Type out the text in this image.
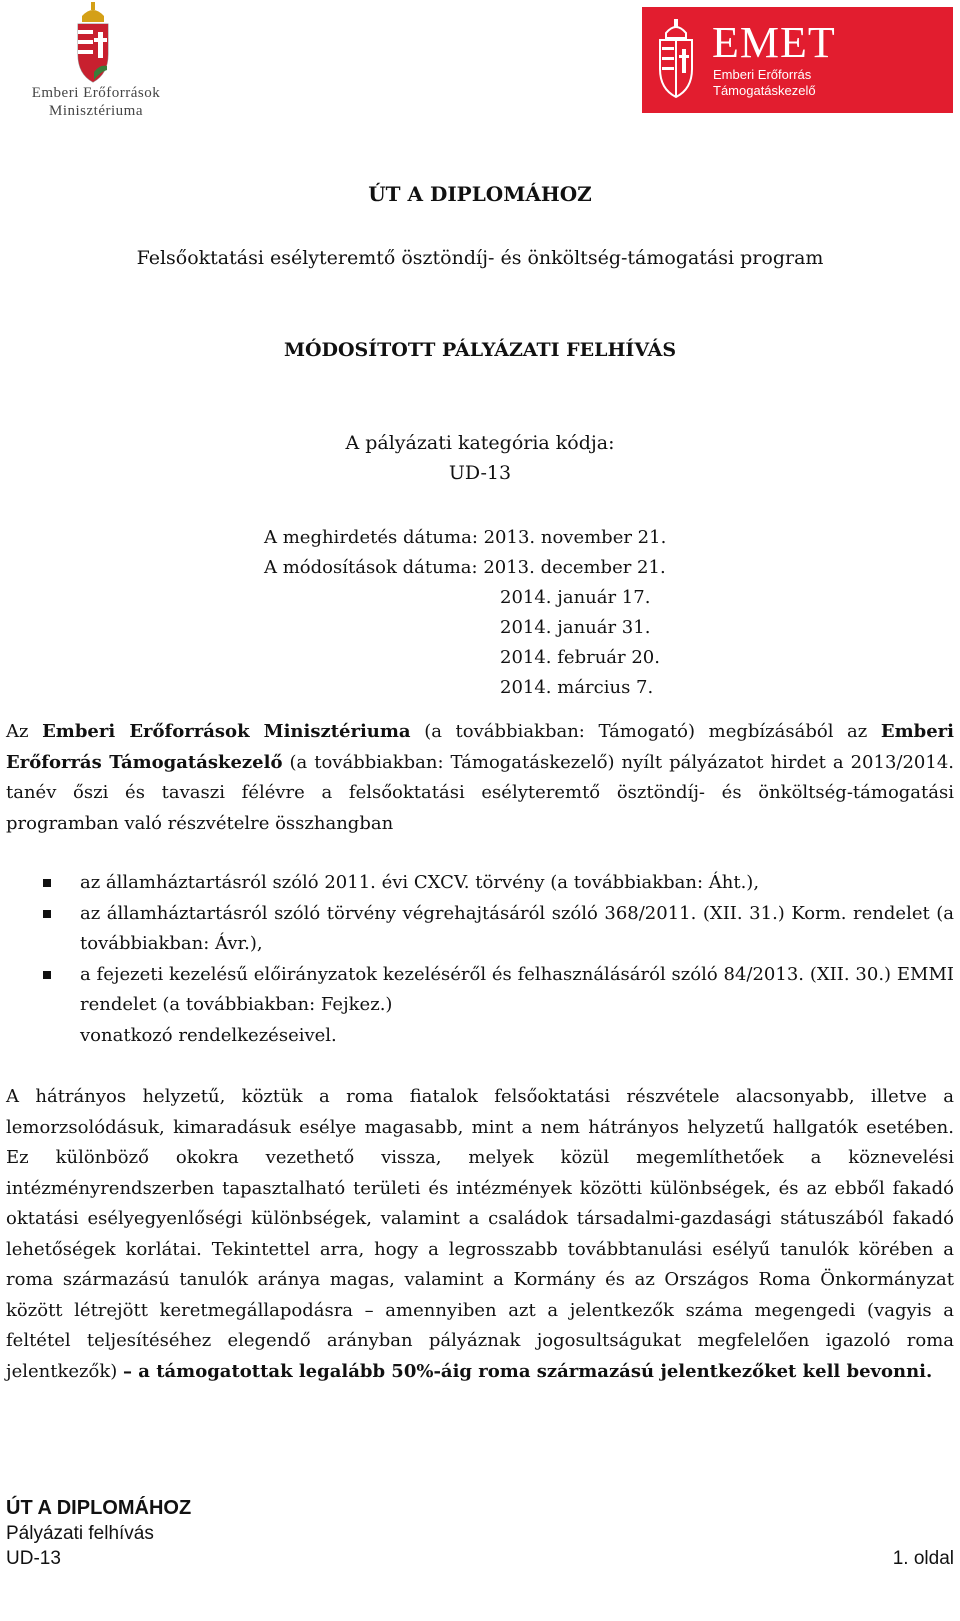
Emberi Erőforrások
Minisztériuma
EMET
Emberi Erőforrás
Támogatáskezelő
ÚT A DIPLOMÁHOZ
Felsőoktatási esélyteremtő ösztöndíj- és önköltség-támogatási program
MÓDOSÍTOTT PÁLYÁZATI FELHÍVÁS
A pályázati kategória kódja:
UD-13
A meghirdetés dátuma: 2013. november 21.
A módosítások dátuma: 2013. december 21.
2014. január 17.
2014. január 31.
2014. február 20.
2014. március 7.
Az Emberi Erőforrások Minisztériuma (a továbbiakban: Támogató) megbízásából az Emberi Erőforrás Támogatáskezelő (a továbbiakban: Támogatáskezelő) nyílt pályázatot hirdet a 2013/2014. tanév őszi és tavaszi félévre a felsőoktatási esélyteremtő ösztöndíj- és önköltség-támogatási programban való részvételre összhangban
az államháztartásról szóló 2011. évi CXCV. törvény (a továbbiakban: Áht.),
az államháztartásról szóló törvény végrehajtásáról szóló 368/2011. (XII. 31.) Korm. rendelet (a továbbiakban: Ávr.),
a fejezeti kezelésű előirányzatok kezeléséről és felhasználásáról szóló 84/2013. (XII. 30.) EMMI rendelet (a továbbiakban: Fejkez.)
vonatkozó rendelkezéseivel.
A hátrányos helyzetű, köztük a roma fiatalok felsőoktatási részvétele alacsonyabb, illetve a lemorzsolódásuk, kimaradásuk esélye magasabb, mint a nem hátrányos helyzetű hallgatók esetében. Ez különböző okokra vezethető vissza, melyek közül megemlíthetőek a köznevelési intézményrendszerben tapasztalható területi és intézmények közötti különbségek, és az ebből fakadó oktatási esélyegyenlőségi különbségek, valamint a családok társadalmi-gazdasági státuszából fakadó lehetőségek korlátai. Tekintettel arra, hogy a legrosszabb továbbtanulási esélyű tanulók körében a roma származású tanulók aránya magas, valamint a Kormány és az Országos Roma Önkormányzat között létrejött keretmegállapodásra – amennyiben azt a jelentkezők száma megengedi (vagyis a feltétel teljesítéséhez elegendő arányban pályáznak jogosultságukat megfelelően igazoló roma jelentkezők) – a támogatottak legalább 50%-áig roma származású jelentkezőket kell bevonni.
ÚT A DIPLOMÁHOZ
Pályázati felhívás
UD-13	1. oldal
